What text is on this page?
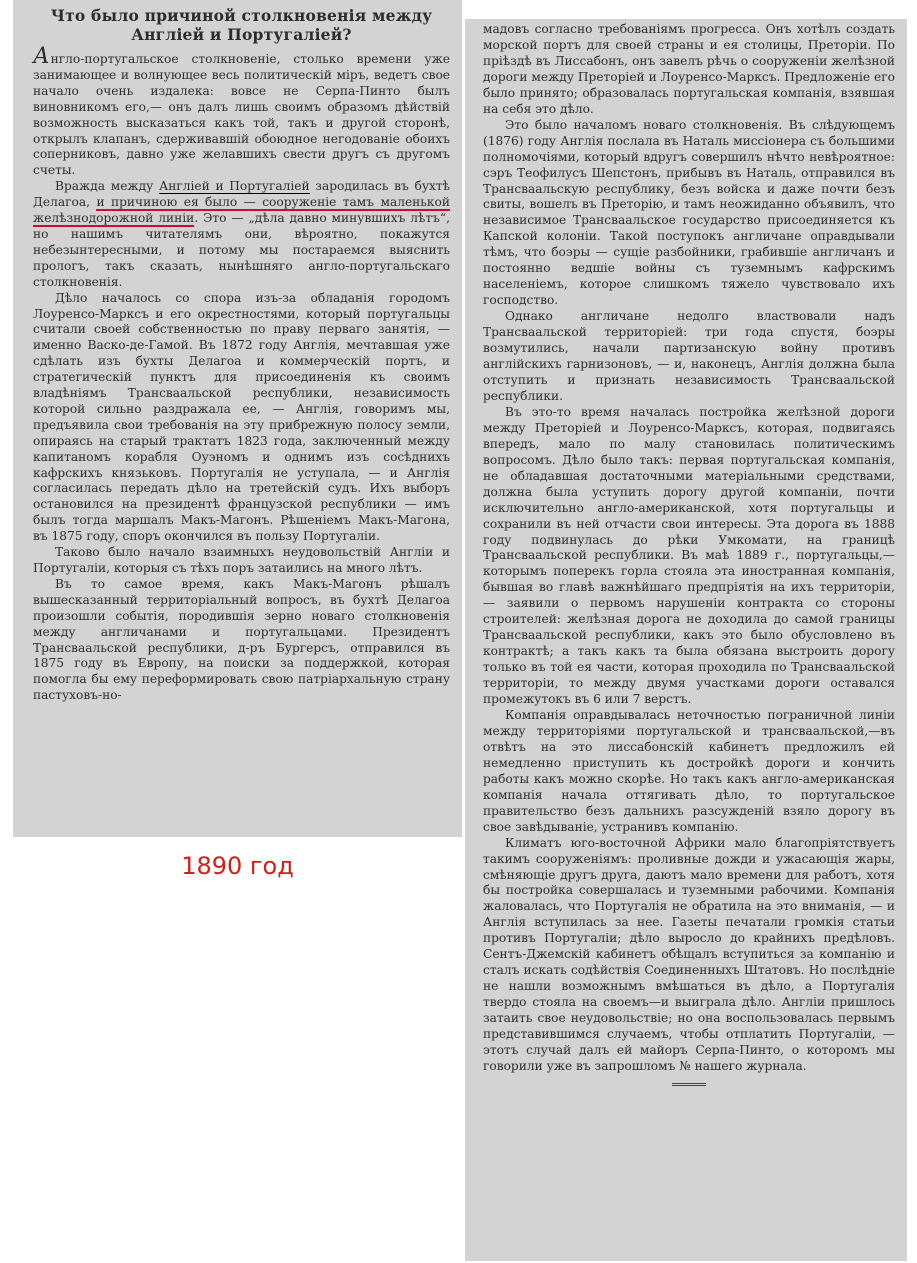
Что было причиной столкновенія между Англіей и Португаліей?

Англо-португальское столкновеніе, столько времени уже занимающее и волнующее весь политическій міръ, ведетъ свое начало очень издалека: вовсе не Серпа-Пинто былъ виновникомъ его,— онъ далъ лишь своимъ образомъ дѣйствій возможность высказаться какъ той, такъ и другой сторонѣ, открылъ клапанъ, сдерживавшій обоюдное негодованіе обоихъ соперниковъ, давно уже желавшихъ свести другъ съ другомъ счеты.

Вражда между Англіей и Португаліей зародилась въ бухтѣ Делагоа, и причиною ея было — сооруженіе тамъ маленькой желѣзнодорожной линіи. Это — „дѣла давно минувшихъ лѣтъ“, но нашимъ читателямъ они, вѣроятно, покажутся небезынтересными, и потому мы постараемся выяснить прологъ, такъ сказать, нынѣшняго англо-португальскаго столкновенія.

Дѣло началось со спора изъ-за обладанія городомъ Лоуренсо-Марксъ и его окрестностями, который португальцы считали своей собственностью по праву перваго занятія, — именно Васко-де-Гамой. Въ 1872 году Англія, мечтавшая уже сдѣлать изъ бухты Делагоа и коммерческій портъ, и стратегическій пунктъ для присоединенія къ своимъ владѣніямъ Трансваальской республики, независимость которой сильно раздражала ее, — Англія, говоримъ мы, предъявила свои требованія на эту прибрежную полосу земли, опираясь на старый трактатъ 1823 года, заключенный между капитаномъ корабля Оуэномъ и однимъ изъ сосѣднихъ кафрскихъ князьковъ. Португалія не уступала, — и Англія согласилась передать дѣло на третейскій судъ. Ихъ выборъ остановился на президентѣ французской республики — имъ былъ тогда маршалъ Макъ-Магонъ. Рѣшеніемъ Макъ-Магона, въ 1875 году, споръ окончился въ пользу Португаліи.

Таково было начало взаимныхъ неудовольствій Англіи и Португаліи, которыя съ тѣхъ поръ затаились на много лѣтъ.

Въ то самое время, какъ Макъ-Магонъ рѣшалъ вышесказанный территоріальный вопросъ, въ бухтѣ Делагоа произошли событія, породившія зерно новаго столкновенія между англичанами и португальцами. Президентъ Трансваальской республики, д-ръ Бургерсъ, отправился въ 1875 году въ Европу, на поиски за поддержкой, которая помогла бы ему переформировать свою патріархальную страну пастуховъ-но-

1890 год

мадовъ согласно требованіямъ прогресса. Онъ хотѣлъ создать морской портъ для своей страны и ея столицы, Преторіи. По пріѣздѣ въ Лиссабонъ, онъ завелъ рѣчь о сооруженіи желѣзной дороги между Преторіей и Лоуренсо-Марксъ. Предложеніе его было принято; образовалась португальская компанія, взявшая на себя это дѣло.

Это было началомъ новаго столкновенія. Въ слѣдующемъ (1876) году Англія послала въ Наталь миссіонера съ большими полномочіями, который вдругъ совершилъ нѣчто невѣроятное: сэръ Теофилусъ Шепстонъ, прибывъ въ Наталь, отправился въ Трансваальскую республику, безъ войска и даже почти безъ свиты, вошелъ въ Преторію, и тамъ неожиданно объявилъ, что независимое Трансваальское государство присоединяется къ Капской колоніи. Такой поступокъ англичане оправдывали тѣмъ, что боэры — сущіе разбойники, грабившіе англичанъ и постоянно ведшіе войны съ туземнымъ кафрскимъ населеніемъ, которое слишкомъ тяжело чувствовало ихъ господство.

Однако англичане недолго властвовали надъ Трансваальской территоріей: три года спустя, боэры возмутились, начали партизанскую войну противъ англійскихъ гарнизоновъ, — и, наконецъ, Англія должна была отступить и признать независимость Трансваальской республики.

Въ это-то время началась постройка желѣзной дороги между Преторіей и Лоуренсо-Марксъ, которая, подвигаясь впередъ, мало по малу становилась политическимъ вопросомъ. Дѣло было такъ: первая португальская компанія, не обладавшая достаточными матеріальными средствами, должна была уступить дорогу другой компаніи, почти исключительно англо-американской, хотя португальцы и сохранили въ ней отчасти свои интересы. Эта дорога въ 1888 году подвинулась до рѣки Умкомати, на границѣ Трансваальской республики. Въ маѣ 1889 г., португальцы,— которымъ поперекъ горла стояла эта иностранная компанія, бывшая во главѣ важнѣйшаго предпріятія на ихъ территоріи, — заявили о первомъ нарушеніи контракта со стороны строителей: желѣзная дорога не доходила до самой границы Трансваальской республики, какъ это было обусловлено въ контрактѣ; а такъ какъ та была обязана выстроить дорогу только въ той ея части, которая проходила по Трансваальской территоріи, то между двумя участками дороги оставался промежутокъ въ 6 или 7 верстъ.

Компанія оправдывалась неточностью пограничной линіи между территоріями португальской и трансваальской,—въ отвѣтъ на это лиссабонскій кабинетъ предложилъ ей немедленно приступить къ достройкѣ дороги и кончить работы какъ можно скорѣе. Но такъ какъ англо-американская компанія начала оттягивать дѣло, то португальское правительство безъ дальнихъ разсужденій взяло дорогу въ свое завѣдываніе, устранивъ компанію.

Климатъ юго-восточной Африки мало благопріятствуетъ такимъ сооруженіямъ: проливные дожди и ужасающія жары, смѣняющіе другъ друга, даютъ мало времени для работъ, хотя бы постройка совершалась и туземными рабочими. Компанія жаловалась, что Португалія не обратила на это вниманія, — и Англія вступилась за нее. Газеты печатали громкія статьи противъ Португаліи; дѣло выросло до крайнихъ предѣловъ. Сентъ-Джемскій кабинетъ обѣщалъ вступиться за компанію и сталъ искать содѣйствія Соединенныхъ Штатовъ. Но послѣдніе не нашли возможнымъ вмѣшаться въ дѣло, а Португалія твердо стояла на своемъ—и выиграла дѣло. Англіи пришлось затаить свое неудовольствіе; но она воспользовалась первымъ представившимся случаемъ, чтобы отплатить Португаліи, — этотъ случай далъ ей майоръ Серпа-Пинто, о которомъ мы говорили уже въ запрошломъ № нашего журнала.
